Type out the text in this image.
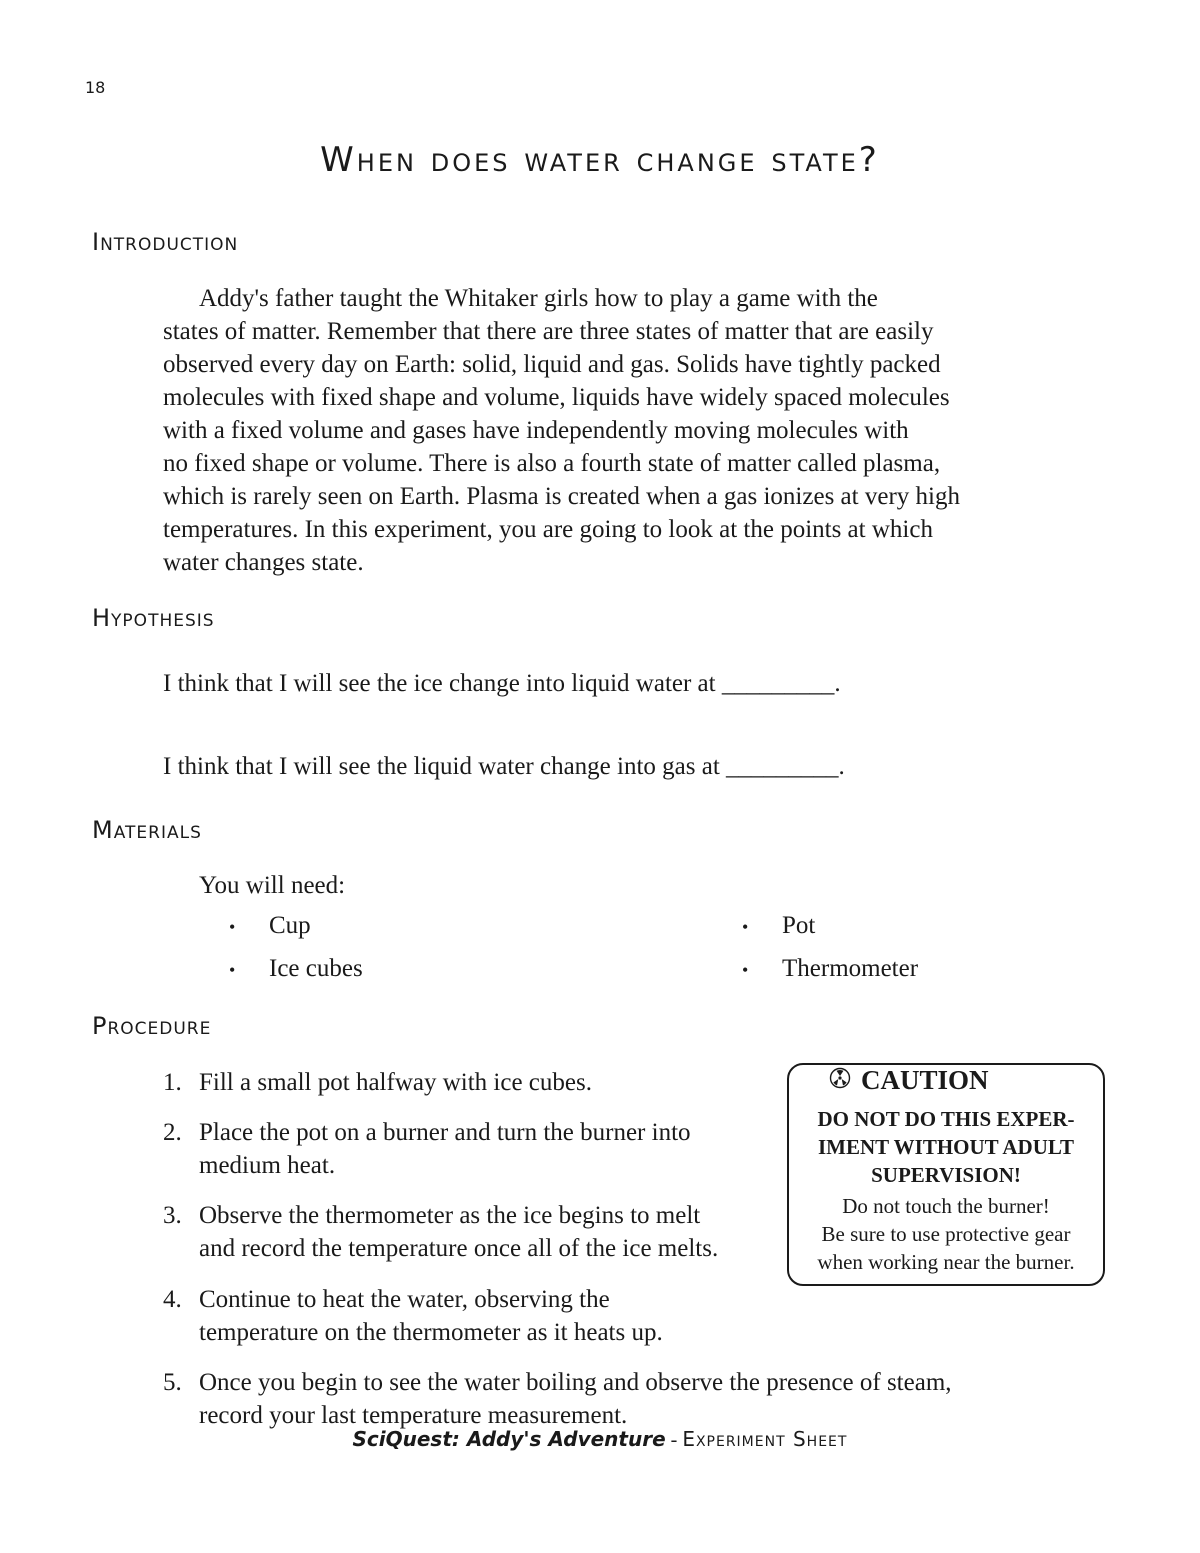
18
When does water change state?
Introduction
Addy's father taught the Whitaker girls how to play a game with the
states of matter. Remember that there are three states of matter that are easily
observed every day on Earth: solid, liquid and gas. Solids have tightly packed
molecules with fixed shape and volume, liquids have widely spaced molecules
with a fixed volume and gases have independently moving molecules with
no fixed shape or volume. There is also a fourth state of matter called plasma,
which is rarely seen on Earth. Plasma is created when a gas ionizes at very high
temperatures. In this experiment, you are going to look at the points at which
water changes state.
Hypothesis
I think that I will see the ice change into liquid water at _________.
I think that I will see the liquid water change into gas at _________.
Materials
You will need:
• Cup
• Ice cubes
• Pot
• Thermometer
Procedure
1. Fill a small pot halfway with ice cubes.
2. Place the pot on a burner and turn the burner into
medium heat.
3. Observe the thermometer as the ice begins to melt
and record the temperature once all of the ice melts.
4. Continue to heat the water, observing the
temperature on the thermometer as it heats up.
5. Once you begin to see the water boiling and observe the presence of steam,
record your last temperature measurement.
CAUTION
DO NOT DO THIS EXPER-
IMENT WITHOUT ADULT
SUPERVISION!
Do not touch the burner!
Be sure to use protective gear
when working near the burner.
SciQuest: Addy's Adventure - Experiment Sheet
